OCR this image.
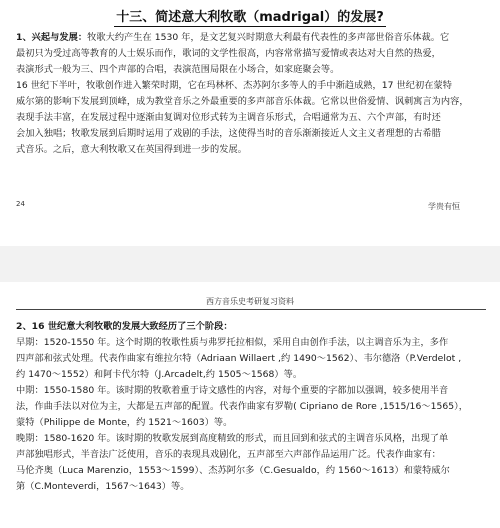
十三、简述意大利牧歌（madrigal）的发展?

1、兴起与发展：牧歌大约产生在 1530 年，是文艺复兴时期意大利最有代表性的多声部世俗音乐体裁。它
最初只为受过高等教育的人士娱乐而作，歌词的文学性很高，内容常常描写爱情或表达对大自然的热爱，
表演形式一般为三、四个声部的合唱，表演范围局限在小场合，如家庭聚会等。

16 世纪下半叶，牧歌创作进入繁荣时期，它在玛林杯、杰苏阿尔多等人的手中渐趋成熟，17 世纪初在蒙特
威尔第的影响下发展到顶峰，成为教堂音乐之外最重要的多声部音乐体裁。它常以世俗爱情、讽刺寓言为内容，
表现手法丰富，在发展过程中逐渐由复调对位形式转为主调音乐形式，合唱通常为五、六个声部，有时还
会加入独唱；牧歌发展到后期时运用了戏剧的手法，这使得当时的音乐渐渐接近人文主义者理想的古希腊
式音乐。之后，意大利牧歌又在英国得到进一步的发展。

24	学贵有恒
西方音乐史考研复习资料

2、16 世纪意大利牧歌的发展大致经历了三个阶段：
早期：1520-1550 年。这个时期的牧歌性质与弗罗托拉相似，采用自由创作手法，以主调音乐为主，多作
四声部和弦式处理。代表作曲家有维拉尔特（Adriaan Willaert ,约 1490～1562）、韦尔德洛（P.Verdelot ,
约 1470～1552）和阿卡代尔特（J.Arcadelt,约 1505～1568）等。
中期：1550-1580 年。该时期的牧歌着重于诗文感性的内容，对每个重要的字都加以强调，较多使用半音
法，作曲手法以对位为主，大都是五声部的配置。代表作曲家有罗勒( Cipriano de Rore ,1515/16～1565），
蒙特（Philippe de Monte，约 1521～1603）等。
晚期：1580-1620 年。该时期的牧歌发展到高度精致的形式，而且回到和弦式的主调音乐风格，出现了单
声部独唱形式，半音法广泛使用，音乐的表现具戏剧化，五声部至六声部作品运用广泛。代表作曲家有：
马伦齐奥（Luca Marenzio，1553～1599）、杰苏阿尔多（C.Gesualdo，约 1560～1613）和蒙特威尔
第（C.Monteverdi，1567～1643）等。
